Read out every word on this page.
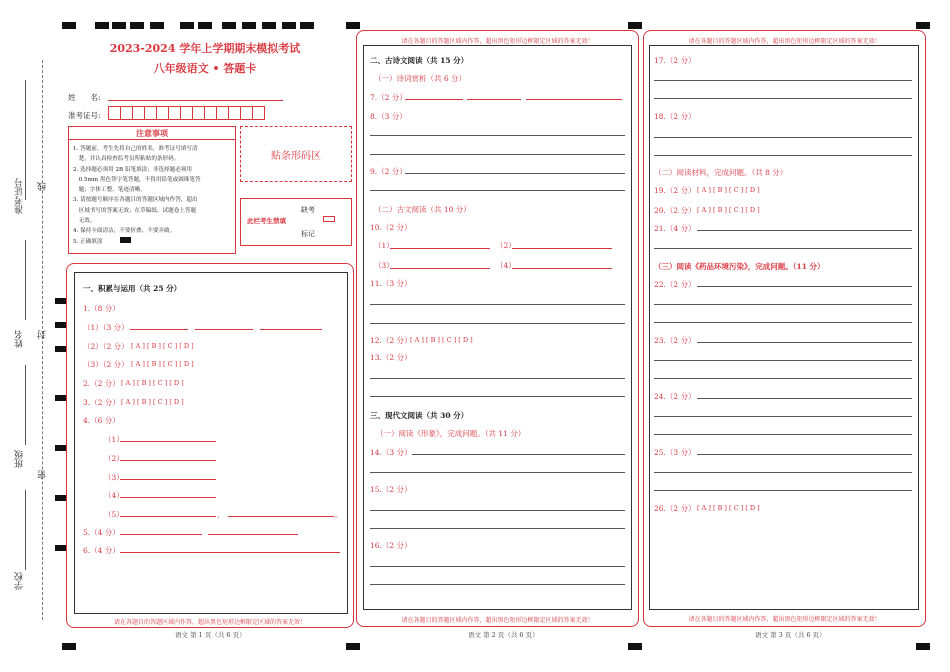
准考证号 线
姓名 封
班级
密
学校
2023-2024 学年上学期期末模拟考试
八年级语文 • 答题卡
姓　　名:
准考证号:
注意事项
1. 答题前，考生先将自己的姓名，准考证号填写清
　楚，并认真检查监考员所粘贴的条形码。
2. 选择题必须用 2B 铅笔填涂；非选择题必须用
　0.5mm 黑色签字笔答题，不得用铅笔或圆珠笔答
　题；字体工整、笔迹清晰。
3. 请按题号顺序在各题目的答题区域内作答，超出
　区域书写的答案无效；在草稿纸、试题卷上答题
　无效。
4. 保持卡面清洁，不要折叠、不要弄破。
5. 正确填涂
贴条形码区
此栏考生禁填
缺考
标记
一、积累与运用（共 25 分）
1.（8 分）
（1）（3 分）
（2）（2 分） [ A ] [ B ] [ C ] [ D ]
（3）（2 分） [ A ] [ B ] [ C ] [ D ]
2.（2 分） [ A ] [ B ] [ C ] [ D ]
3.（2 分） [ A ] [ B ] [ C ] [ D ]
4.（6 分）
（1）
（2）
（3）
（4）
（5）	，	。
5.（4 分）
6.（4 分）
请在各题目的答题区域内作答，超出黑色矩形边框限定区域的答案无效！
语文 第 1 页（共 6 页）
请在各题目的答题区域内作答，超出黑色矩形边框限定区域的答案无效！
二、古诗文阅读（共 15 分）
（一）诗词赏析（共 6 分）
7.（2 分）
8.（3 分）
9.（2 分）
（二）古文阅读（共 10 分）
10.（2 分）
（1）	（2）
（3）	（4）
11.（3 分）
12.（2 分）
[ A ] [ B ] [ C ] [ D ]
13.（2 分）
三、现代文阅读（共 30 分）
（一）阅读《形象》，完成问题。（共 11 分）
14.（3 分）
15.（2 分）
16.（2 分）
请在各题目的答题区域内作答，超出黑色矩形边框限定区域的答案无效！
语文 第 2 页（共 6 页）
请在各题目的答题区域内作答，超出黑色矩形边框限定区域的答案无效！
17.（2 分）
18.（2 分）
（二）阅读材料，完成问题。（共 8 分）
19.（2 分） [ A ] [ B ] [ C ] [ D ]
20.（2 分） [ A ] [ B ] [ C ] [ D ]
21.（4 分）
（三）阅读《药品环境污染》，完成问题。（11 分）
22.（2 分）
23.（2 分）
24.（2 分）
25.（3 分）
26.（2 分） [ A ] [ B ] [ C ] [ D ]
请在各题目的答题区域内作答，超出黑色矩形边框限定区域的答案无效！
语文 第 3 页（共 6 页）
